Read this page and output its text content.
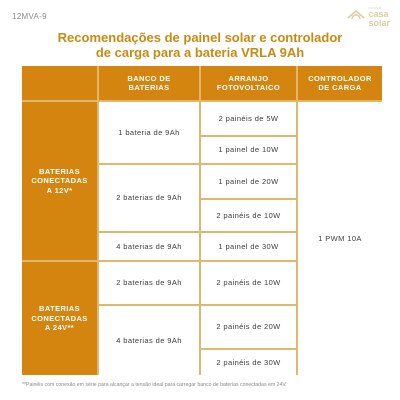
12MVA-9
nossa
casa
solar
Recomendações de painel solar e controlador
de carga para a bateria VRLA 9Ah
BANCO DE BATERIAS
ARRANJO FOTOVOLTAICO
CONTROLADOR DE CARGA
BATERIAS CONECTADAS A 12V*
BATERIAS CONECTADAS A 24V**
1 bateria de 9Ah
2 baterias de 9Ah
4 baterias de 9Ah
2 baterias de 9Ah
4 baterias de 9Ah
2 painéis de 5W
1 painel de 10W
1 painel de 20W
2 painéis de 10W
1 painel de 30W
2 painéis de 10W
2 painéis de 20W
2 painéis de 30W
1 PWM 10A
**Painéis com conexão em série para alcançar a tensão ideal para carregar banco de baterias conectadas em 24V.
